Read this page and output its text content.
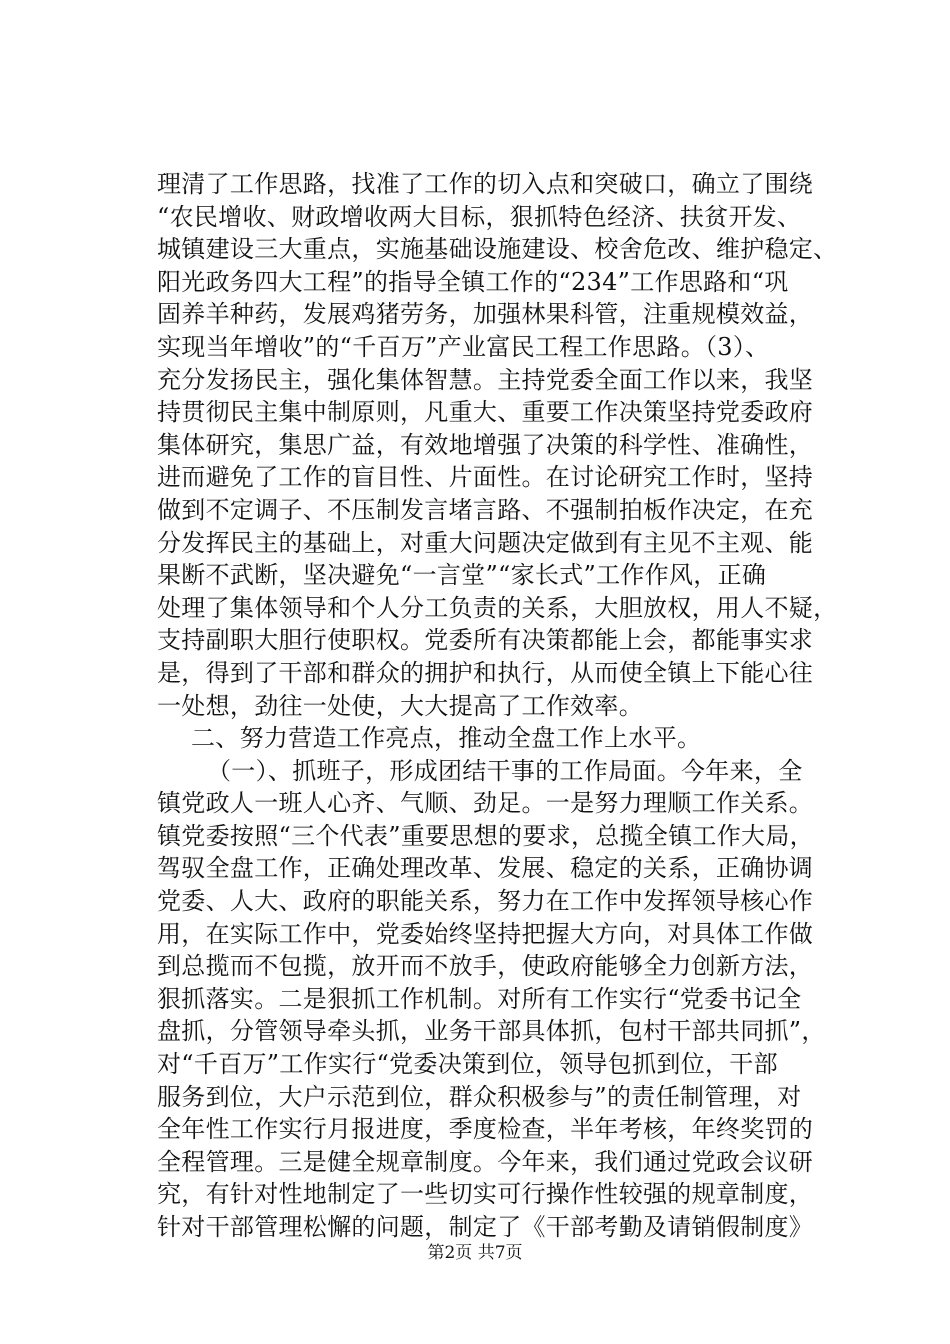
理清了工作思路，找准了工作的切入点和突破口，确立了围绕
“农民增收、财政增收两大目标，狠抓特色经济、扶贫开发、
城镇建设三大重点，实施基础设施建设、校舍危改、维护稳定、
阳光政务四大工程”的指导全镇工作的“234”工作思路和“巩
固养羊种药，发展鸡猪劳务，加强林果科管，注重规模效益，
实现当年增收”的“千百万”产业富民工程工作思路。（3）、
充分发扬民主，强化集体智慧。主持党委全面工作以来，我坚
持贯彻民主集中制原则，凡重大、重要工作决策坚持党委政府
集体研究，集思广益，有效地增强了决策的科学性、准确性，
进而避免了工作的盲目性、片面性。在讨论研究工作时，坚持
做到不定调子、不压制发言堵言路、不强制拍板作决定，在充
分发挥民主的基础上，对重大问题决定做到有主见不主观、能
果断不武断，坚决避免“一言堂”“家长式”工作作风，正确
处理了集体领导和个人分工负责的关系，大胆放权，用人不疑，
支持副职大胆行使职权。党委所有决策都能上会，都能事实求
是，得到了干部和群众的拥护和执行，从而使全镇上下能心往
一处想，劲往一处使，大大提高了工作效率。
二、努力营造工作亮点，推动全盘工作上水平。
（一）、抓班子，形成团结干事的工作局面。今年来，全
镇党政人一班人心齐、气顺、劲足。一是努力理顺工作关系。
镇党委按照“三个代表”重要思想的要求，总揽全镇工作大局，
驾驭全盘工作，正确处理改革、发展、稳定的关系，正确协调
党委、人大、政府的职能关系，努力在工作中发挥领导核心作
用，在实际工作中，党委始终坚持把握大方向，对具体工作做
到总揽而不包揽，放开而不放手，使政府能够全力创新方法，
狠抓落实。二是狠抓工作机制。对所有工作实行“党委书记全
盘抓，分管领导牵头抓，业务干部具体抓，包村干部共同抓”，
对“千百万”工作实行“党委决策到位，领导包抓到位，干部
服务到位，大户示范到位，群众积极参与”的责任制管理，对
全年性工作实行月报进度，季度检查，半年考核，年终奖罚的
全程管理。三是健全规章制度。今年来，我们通过党政会议研
究，有针对性地制定了一些切实可行操作性较强的规章制度，
针对干部管理松懈的问题，制定了《干部考勤及请销假制度》
第2页 共7页
